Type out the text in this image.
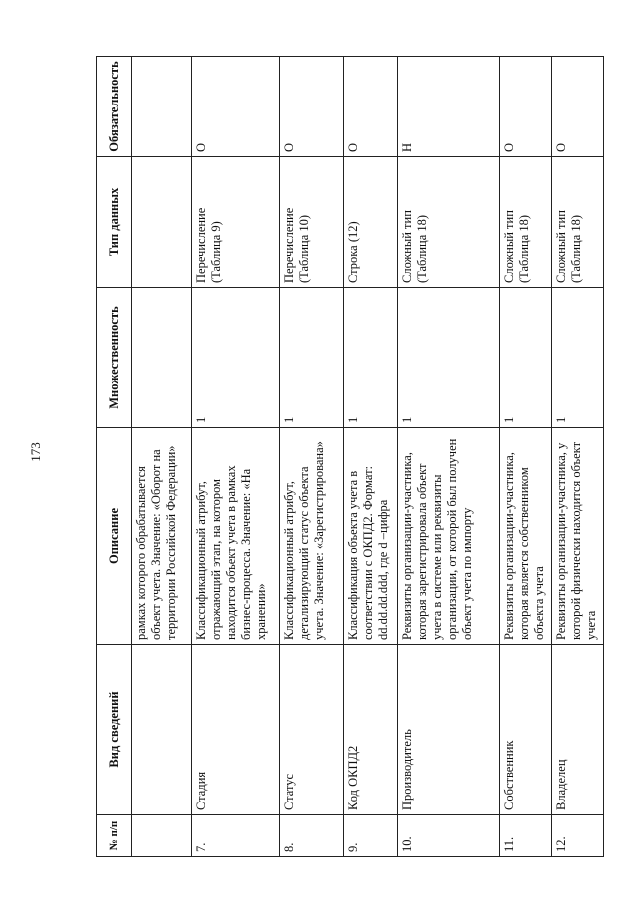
173
№ п/п	Вид сведений	Описание	Множественность	Тип данных	Обязательность
		рамках которого обрабатывается объект учета. Значение: «Оборот на территории Российской Федерации»			
7.	Стадия	Классификационный атрибут, отражающий этап, на котором находится объект учета в рамках бизнес-процесса. Значение: «На хранении»	1	Перечисление (Таблица 9)	О
8.	Статус	Классификационный атрибут, детализирующий статус объекта учета. Значение: «Зарегистрирована»	1	Перечисление (Таблица 10)	О
9.	Код ОКПД2	Классификация объекта учета в соответствии с ОКПД2. Формат: dd.dd.dd.ddd, где d –цифра	1	Строка (12)	О
10.	Производитель	Реквизиты организации-участника, которая зарегистрировала объект учета в системе или реквизиты организации, от которой был получен объект учета по импорту	1	Сложный тип (Таблица 18)	Н
11.	Собственник	Реквизиты организации-участника, которая является собственником объекта учета	1	Сложный тип (Таблица 18)	О
12.	Владелец	Реквизиты организации-участника, у которой физически находится объект учета	1	Сложный тип (Таблица 18)	О
